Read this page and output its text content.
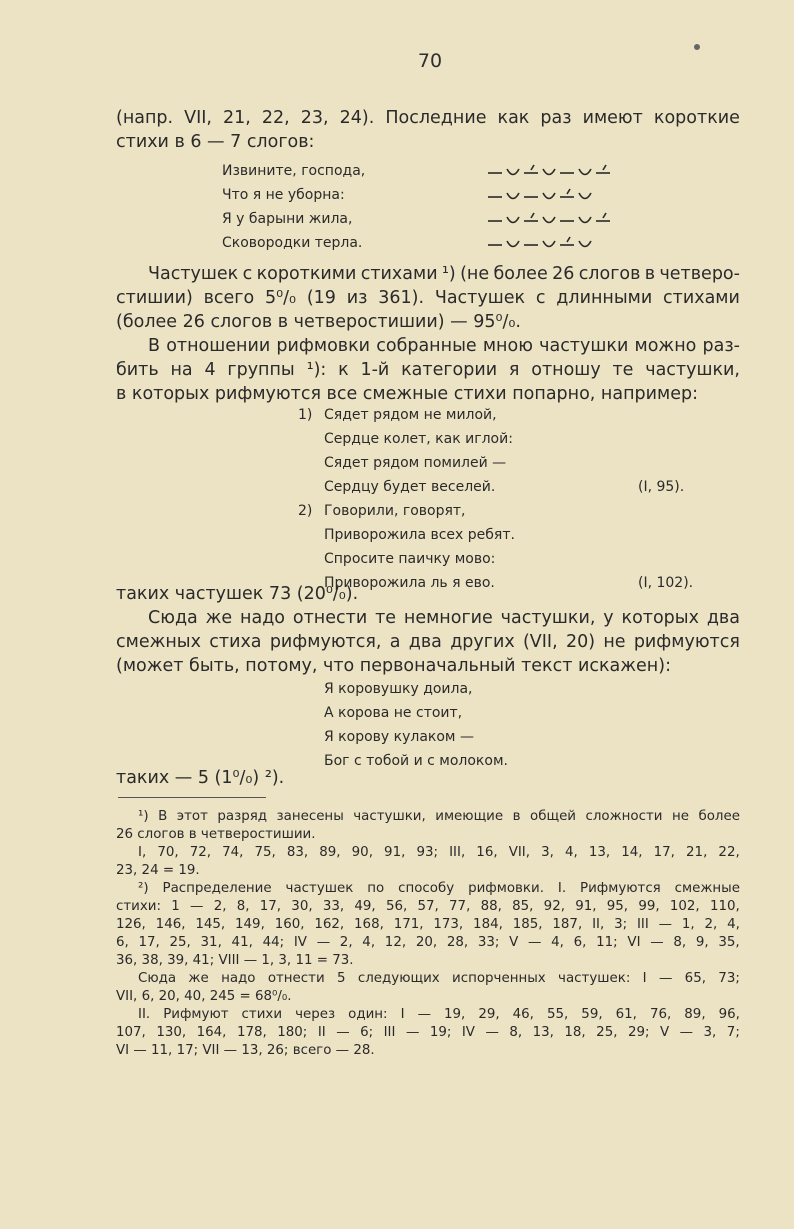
70
(напр. VII, 21, 22, 23, 24). Последние как раз имеют короткие
стихи в 6 — 7 слогов:
Извините, господа,
Что я не уборна:
Я у барыни жила,
Сковородки терла.
Частушек с короткими стихами ¹) (не более 26 слогов в четверо-
стишии) всего 5⁰/₀ (19 из 361). Частушек с длинными стихами
(более 26 слогов в четверостишии) — 95⁰/₀.
В отношении рифмовки собранные мною частушки можно раз-
бить на 4 группы ¹): к 1-й категории я отношу те частушки,
в которых рифмуются все смежные стихи попарно, например:
1) Сядет рядом не милой,
Сердце колет, как иглой:
Сядет рядом помилей —
Сердцу будет веселей.	(I, 95).
2) Говорили, говорят,
Приворожила всех ребят.
Спросите паичку мово:
Приворожила ль я ево.	(I, 102).
таких частушек 73 (20⁰/₀).
Сюда же надо отнести те немногие частушки, у которых два
смежных стиха рифмуются, а два других (VII, 20) не рифмуются
(может быть, потому, что первоначальный текст искажен):
Я коровушку доила,
А корова не стоит,
Я корову кулаком —
Бог с тобой и с молоком.
таких — 5 (1⁰/₀) ²).
¹) В этот разряд занесены частушки, имеющие в общей сложности не более
26 слогов в четверостишии.
I, 70, 72, 74, 75, 83, 89, 90, 91, 93; III, 16, VII, 3, 4, 13, 14, 17, 21, 22,
23, 24 = 19.
²) Распределение частушек по способу рифмовки. I. Рифмуются смежные
стихи: 1 — 2, 8, 17, 30, 33, 49, 56, 57, 77, 88, 85, 92, 91, 95, 99, 102, 110,
126, 146, 145, 149, 160, 162, 168, 171, 173, 184, 185, 187, II, 3; III — 1, 2, 4,
6, 17, 25, 31, 41, 44; IV — 2, 4, 12, 20, 28, 33; V — 4, 6, 11; VI — 8, 9, 35,
36, 38, 39, 41; VIII — 1, 3, 11 = 73.
Сюда же надо отнести 5 следующих испорченных частушек: I — 65, 73;
VII, 6, 20, 40, 245 = 68⁰/₀.
II. Рифмуют стихи через один: I — 19, 29, 46, 55, 59, 61, 76, 89, 96,
107, 130, 164, 178, 180; II — 6; III — 19; IV — 8, 13, 18, 25, 29; V — 3, 7;
VI — 11, 17; VII — 13, 26; всего — 28.
